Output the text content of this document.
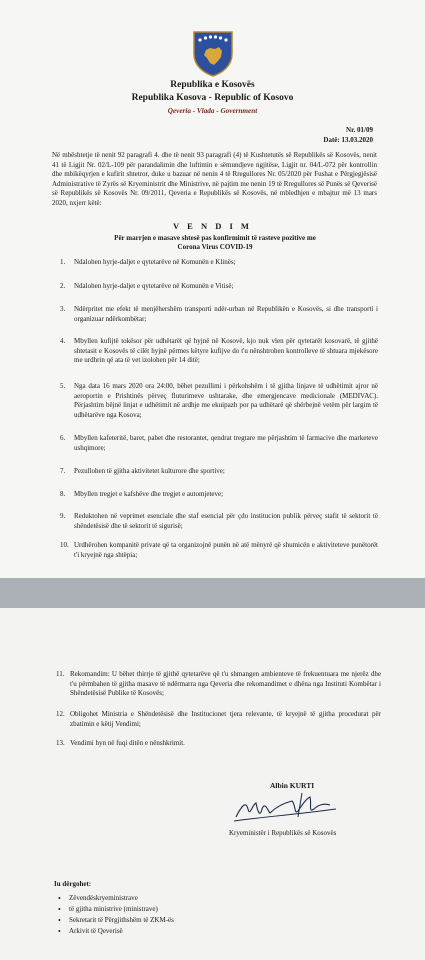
Republika e Kosovës
Republika Kosova - Republic of Kosovo
Qeveria - Vlada - Government
Nr. 01/09
Datë: 13.03.2020
Në mbështetje të nenit 92 paragrafi 4. dhe të nenit 93 paragrafi (4) të Kushtetutës së Republikës së Kosovës, nenit 41 të Ligjit Nr. 02/L-109 për parandalimin dhe luftimin e sëmundjeve ngjitëse, Ligjit nr. 04/L-072 për kontrollin dhe mbikëqyrjen e kufirit shtetror, duke u bazuar në nenin 4 të Rregullores Nr. 05/2020 për Fushat e Përgjegjësisë Administrative të Zyrës së Kryeministrit dhe Ministrive, në pajtim me nenin 19 të Rregullores së Punës së Qeverisë së Republikës së Kosovës Nr. 09/2011, Qeveria e Republikës së Kosovës, në mbledhjen e mbajtur më 13 mars 2020, nxjerr këtë:
V E N D I M
Për marrjen e masave shtesë pas konfirmimit të rasteve pozitive me Corona Virus COVID-19
1.	Ndalohen hyrje-daljet e qytetarëve në Komunën e Klinës;
2.	Ndalohen hyrje-daljet e qytetarëve në Komunën e Vitisë;
3.	Ndërpritet me efekt të menjëhershëm transporti ndër-urban në Republikën e Kosovës, si dhe transporti i organizuar ndërkombëtar;
4.	Mbyllen kufijtë tokësor për udhëtarët që hyjnë në Kosovë, kjo nuk vlen për qytetarët kosovarë, të gjithë shtetasit e Kosovës të cilët hyjnë përmes këtyre kufijve do t'u nënshtrohen kontrolleve të shtuara mjekësore me urdhrin që ata të vet izolohen për 14 ditë;
5.	Nga data 16 mars 2020 ora 24:00, bëhet pezullimi i përkohshëm i të gjitha linjave të udhëtimit ajror në aeroportin e Prishtinës përveç fluturimeve ushtarake, dhe emergjencave medicionale (MEDIVAC). Përjashtim bëjnë linjat e udhëtimit në ardhje me ekuipazh por pa udhëtarë që shërbejnë vetëm për largim të udhëtarëve nga Kosova;
6.	Mbyllen kafeteritë, baret, pabet dhe restorantet, qendrat tregtare me përjashtim të farmacive dhe marketeve ushqimore;
7.	Pezullohen të gjitha aktivitetet kulturore dhe sportive;
8.	Mbyllen tregjet e kafshëve dhe tregjet e automjeteve;
9.	Reduktohen në veprimet esenciale dhe staf esencial për çdo institucion publik përveç stafit të sektorit të shëndetësisë dhe të sektorit të sigurisë;
10. Urdhërohen kompanitë private që ta organizojnë punën në atë mënyrë që shumicën e aktiviteteve punëtorët t'i kryejnë nga shtëpia;
11. Rekomandim: U bëhet thirrje të gjithë qytetarëve që t'u shmangen ambienteve të frekuentuara me njerëz dhe t'u përmbahen të gjitha masave të ndërmarra nga Qeveria dhe rekomandimet e dhëna nga Instituti Kombëtar i Shëndetësisë Publike të Kosovës;
12. Obligohet Ministria e Shëndetësisë dhe Institucionet tjera relevante, të kryejnë të gjitha procedurat për zbatimin e këtij Vendimi;
13. Vendimi hyn në fuqi ditën e nënshkrimit.
Albin KURTI
Kryeministër i Republikës së Kosovës
Iu dërgohet:
• Zëvendëskryeministrave
• të gjitha ministrive (ministrave)
• Sekretarit të Përgjithshëm të ZKM-ës
• Arkivit të Qeverisë
